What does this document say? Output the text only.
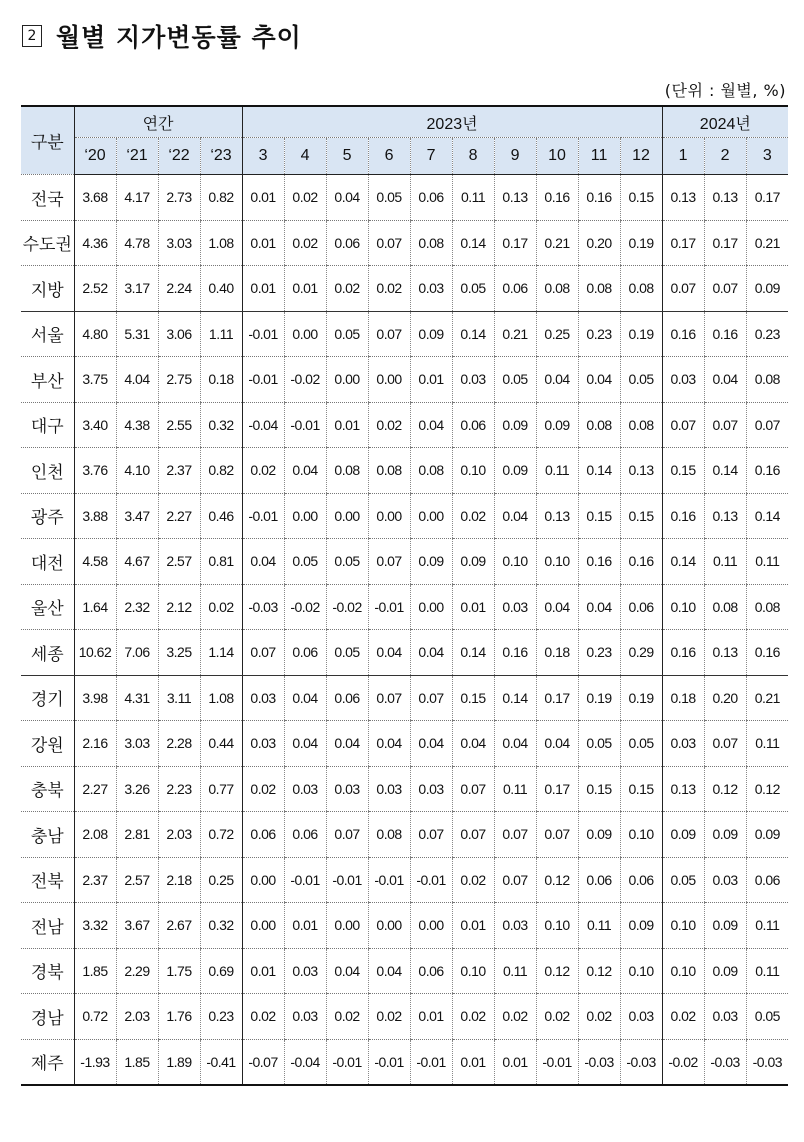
2 월별 지가변동률 추이
(단위 : 월별, %)
구분	연간				2023년										2024년		
	‘20	‘21	‘22	‘23	3	4	5	6	7	8	9	10	11	12	1	2	3
전국	3.68	4.17	2.73	0.82	0.01	0.02	0.04	0.05	0.06	0.11	0.13	0.16	0.16	0.15	0.13	0.13	0.17
수도권	4.36	4.78	3.03	1.08	0.01	0.02	0.06	0.07	0.08	0.14	0.17	0.21	0.20	0.19	0.17	0.17	0.21
지방	2.52	3.17	2.24	0.40	0.01	0.01	0.02	0.02	0.03	0.05	0.06	0.08	0.08	0.08	0.07	0.07	0.09
서울	4.80	5.31	3.06	1.11	-0.01	0.00	0.05	0.07	0.09	0.14	0.21	0.25	0.23	0.19	0.16	0.16	0.23
부산	3.75	4.04	2.75	0.18	-0.01	-0.02	0.00	0.00	0.01	0.03	0.05	0.04	0.04	0.05	0.03	0.04	0.08
대구	3.40	4.38	2.55	0.32	-0.04	-0.01	0.01	0.02	0.04	0.06	0.09	0.09	0.08	0.08	0.07	0.07	0.07
인천	3.76	4.10	2.37	0.82	0.02	0.04	0.08	0.08	0.08	0.10	0.09	0.11	0.14	0.13	0.15	0.14	0.16
광주	3.88	3.47	2.27	0.46	-0.01	0.00	0.00	0.00	0.00	0.02	0.04	0.13	0.15	0.15	0.16	0.13	0.14
대전	4.58	4.67	2.57	0.81	0.04	0.05	0.05	0.07	0.09	0.09	0.10	0.10	0.16	0.16	0.14	0.11	0.11
울산	1.64	2.32	2.12	0.02	-0.03	-0.02	-0.02	-0.01	0.00	0.01	0.03	0.04	0.04	0.06	0.10	0.08	0.08
세종	10.62	7.06	3.25	1.14	0.07	0.06	0.05	0.04	0.04	0.14	0.16	0.18	0.23	0.29	0.16	0.13	0.16
경기	3.98	4.31	3.11	1.08	0.03	0.04	0.06	0.07	0.07	0.15	0.14	0.17	0.19	0.19	0.18	0.20	0.21
강원	2.16	3.03	2.28	0.44	0.03	0.04	0.04	0.04	0.04	0.04	0.04	0.04	0.05	0.05	0.03	0.07	0.11
충북	2.27	3.26	2.23	0.77	0.02	0.03	0.03	0.03	0.03	0.07	0.11	0.17	0.15	0.15	0.13	0.12	0.12
충남	2.08	2.81	2.03	0.72	0.06	0.06	0.07	0.08	0.07	0.07	0.07	0.07	0.09	0.10	0.09	0.09	0.09
전북	2.37	2.57	2.18	0.25	0.00	-0.01	-0.01	-0.01	-0.01	0.02	0.07	0.12	0.06	0.06	0.05	0.03	0.06
전남	3.32	3.67	2.67	0.32	0.00	0.01	0.00	0.00	0.00	0.01	0.03	0.10	0.11	0.09	0.10	0.09	0.11
경북	1.85	2.29	1.75	0.69	0.01	0.03	0.04	0.04	0.06	0.10	0.11	0.12	0.12	0.10	0.10	0.09	0.11
경남	0.72	2.03	1.76	0.23	0.02	0.03	0.02	0.02	0.01	0.02	0.02	0.02	0.02	0.03	0.02	0.03	0.05
제주	-1.93	1.85	1.89	-0.41	-0.07	-0.04	-0.01	-0.01	-0.01	0.01	0.01	-0.01	-0.03	-0.03	-0.02	-0.03	-0.03
